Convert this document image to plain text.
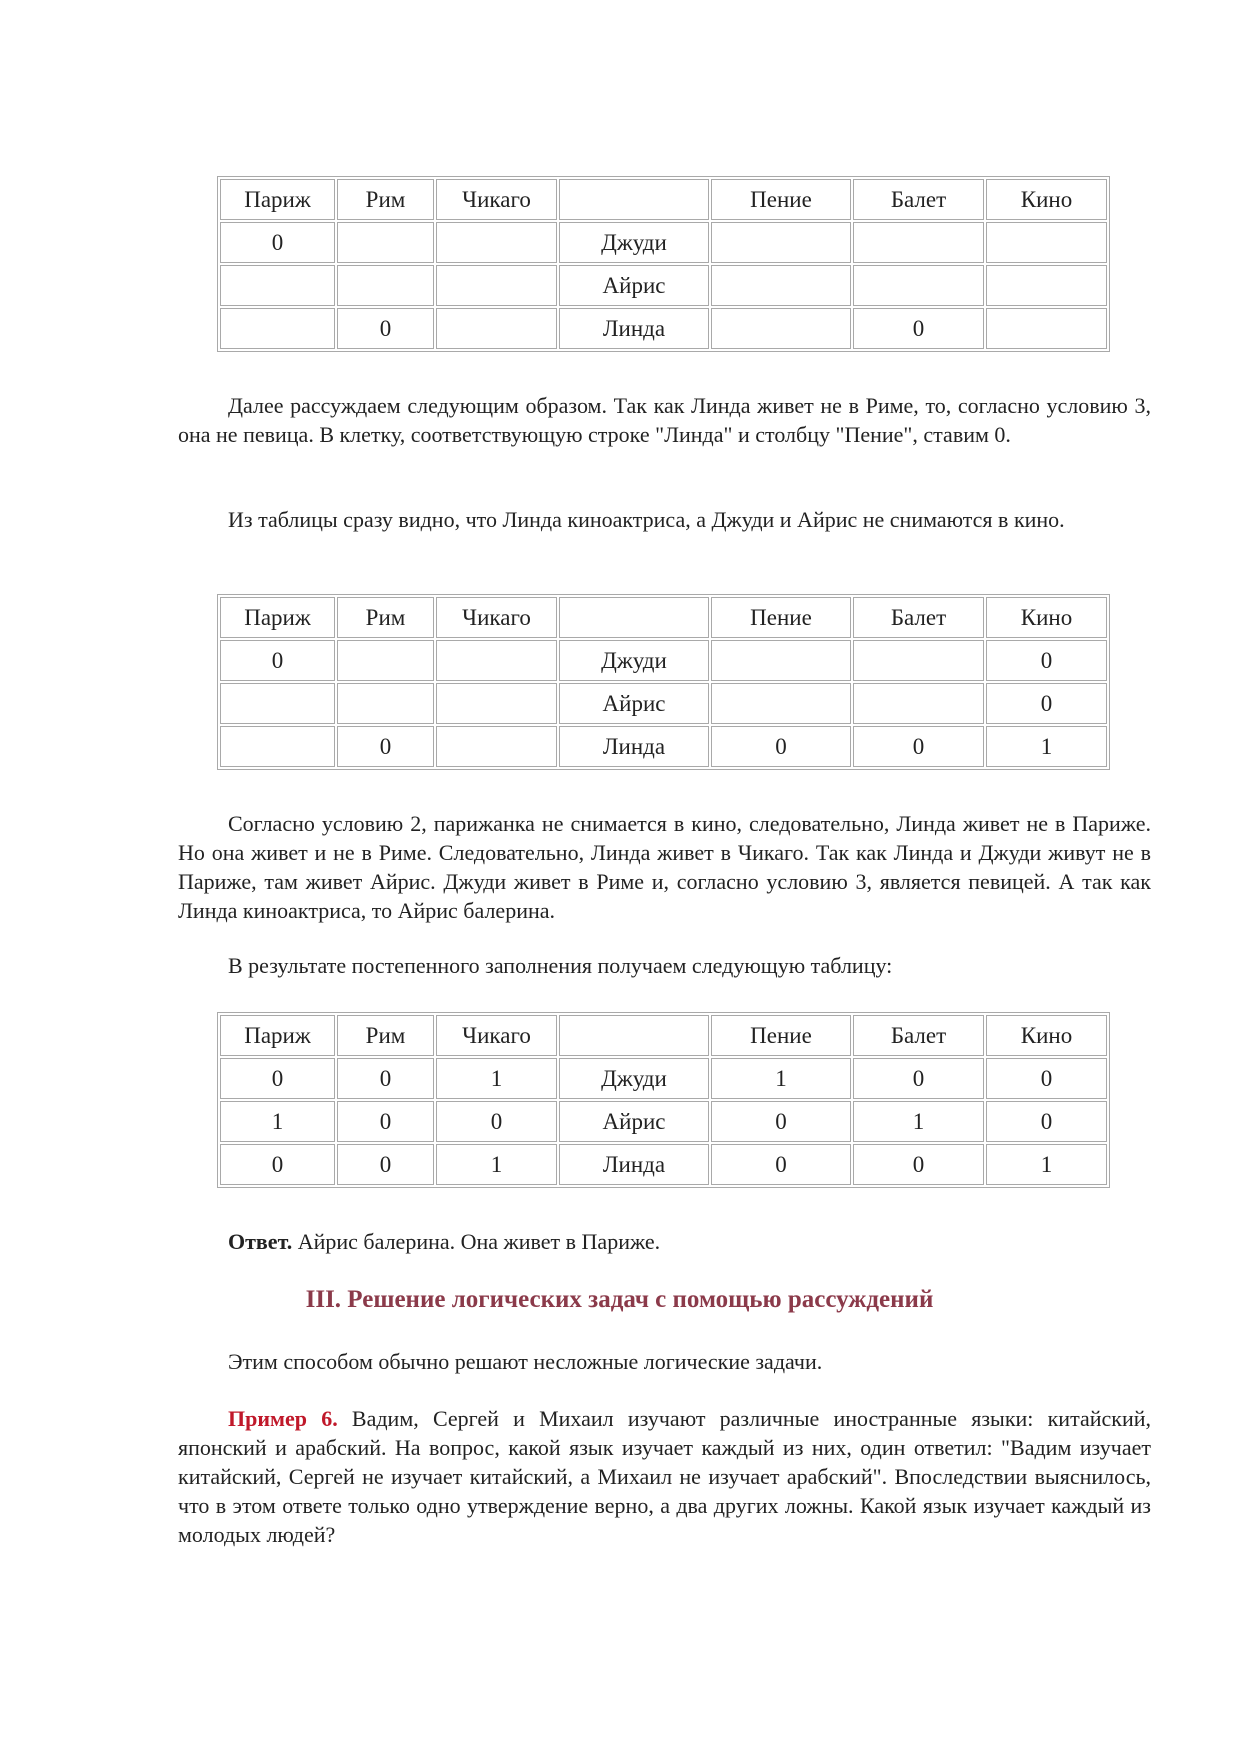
Париж	Рим	Чикаго		Пение	Балет	Кино
0			Джуди			
			Айрис			
	0		Линда		0	

Далее рассуждаем следующим образом. Так как Линда живет не в Риме, то, согласно условию 3, она не певица. В клетку, соответствующую строке "Линда" и столбцу "Пение", ставим 0.

Из таблицы сразу видно, что Линда киноактриса, а Джуди и Айрис не снимаются в кино.

Париж	Рим	Чикаго		Пение	Балет	Кино
0			Джуди			0
			Айрис			0
	0		Линда	0	0	1

Согласно условию 2, парижанка не снимается в кино, следовательно, Линда живет не в Париже. Но она живет и не в Риме. Следовательно, Линда живет в Чикаго. Так как Линда и Джуди живут не в Париже, там живет Айрис. Джуди живет в Риме и, согласно условию 3, является певицей. А так как Линда киноактриса, то Айрис балерина.

В результате постепенного заполнения получаем следующую таблицу:

Париж	Рим	Чикаго		Пение	Балет	Кино
0	0	1	Джуди	1	0	0
1	0	0	Айрис	0	1	0
0	0	1	Линда	0	0	1

Ответ. Айрис балерина. Она живет в Париже.

III. Решение логических задач с помощью рассуждений

Этим способом обычно решают несложные логические задачи.

Пример 6. Вадим, Сергей и Михаил изучают различные иностранные языки: китайский, японский и арабский. На вопрос, какой язык изучает каждый из них, один ответил: "Вадим изучает китайский, Сергей не изучает китайский, а Михаил не изучает арабский". Впоследствии выяснилось, что в этом ответе только одно утверждение верно, а два других ложны. Какой язык изучает каждый из молодых людей?
